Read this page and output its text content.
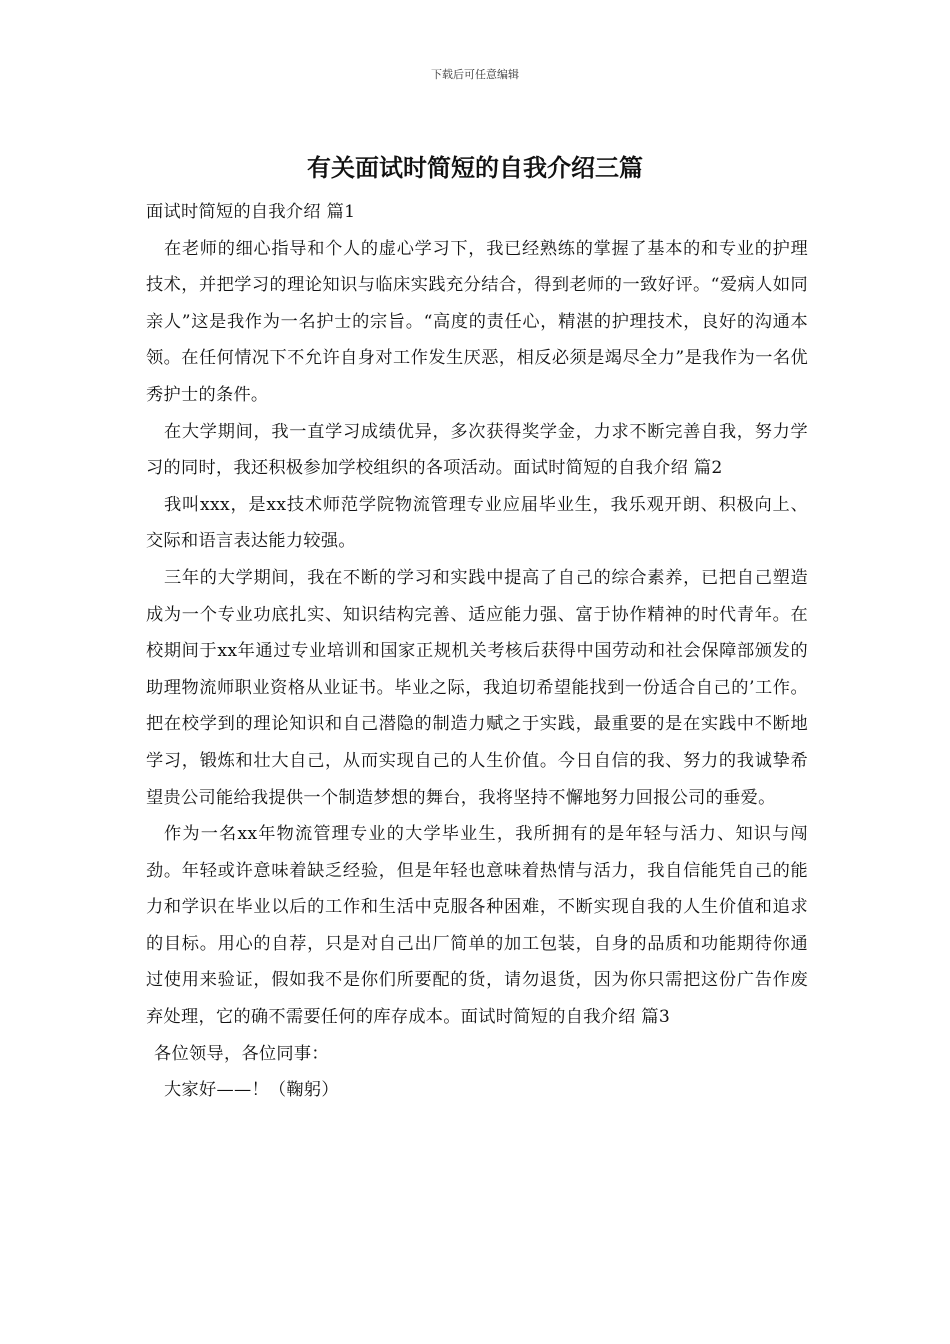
下载后可任意编辑
有关面试时简短的自我介绍三篇

面试时简短的自我介绍 篇1

在老师的细心指导和个人的虚心学习下，我已经熟练的掌握了基本的和专业的护理技术，并把学习的理论知识与临床实践充分结合，得到老师的一致好评。“爱病人如同亲人”这是我作为一名护士的宗旨。“高度的责任心，精湛的护理技术，良好的沟通本领。在任何情况下不允许自身对工作发生厌恶，相反必须是竭尽全力”是我作为一名优秀护士的条件。

在大学期间，我一直学习成绩优异，多次获得奖学金，力求不断完善自我，努力学习的同时，我还积极参加学校组织的各项活动。面试时简短的自我介绍 篇2

我叫xxx，是xx技术师范学院物流管理专业应届毕业生，我乐观开朗、积极向上、交际和语言表达能力较强。

三年的大学期间，我在不断的学习和实践中提高了自己的综合素养，已把自己塑造成为一个专业功底扎实、知识结构完善、适应能力强、富于协作精神的时代青年。在校期间于xx年通过专业培训和国家正规机关考核后获得中国劳动和社会保障部颁发的助理物流师职业资格从业证书。毕业之际，我迫切希望能找到一份适合自己的’工作。把在校学到的理论知识和自己潜隐的制造力赋之于实践，最重要的是在实践中不断地学习，锻炼和壮大自己，从而实现自己的人生价值。今日自信的我、努力的我诚挚希望贵公司能给我提供一个制造梦想的舞台，我将坚持不懈地努力回报公司的垂爱。

作为一名xx年物流管理专业的大学毕业生，我所拥有的是年轻与活力、知识与闯劲。年轻或许意味着缺乏经验，但是年轻也意味着热情与活力，我自信能凭自己的能力和学识在毕业以后的工作和生活中克服各种困难，不断实现自我的人生价值和追求的目标。用心的自荐，只是对自己出厂简单的加工包装，自身的品质和功能期待你通过使用来验证，假如我不是你们所要配的货，请勿退货，因为你只需把这份广告作废弃处理，它的确不需要任何的库存成本。面试时简短的自我介绍 篇3

各位领导，各位同事：

大家好——！（鞠躬）
